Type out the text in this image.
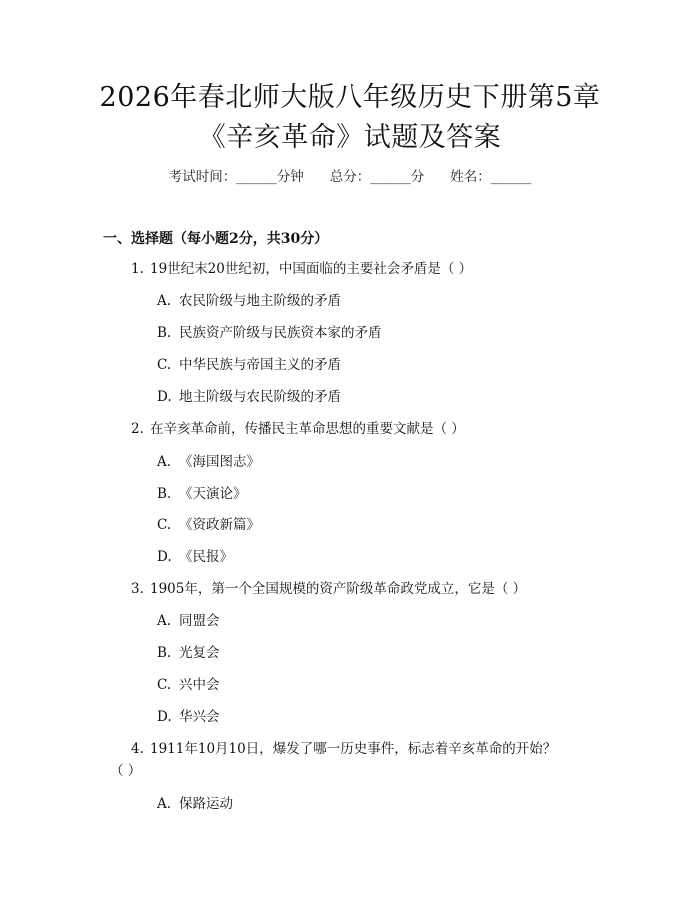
2026年春北师大版八年级历史下册第5章
《辛亥革命》试题及答案
考试时间：______分钟 总分：______分 姓名：______
一、选择题（每小题2分，共30分）
1. 19世纪末20世纪初，中国面临的主要社会矛盾是（ ）
A. 农民阶级与地主阶级的矛盾
B. 民族资产阶级与民族资本家的矛盾
C. 中华民族与帝国主义的矛盾
D. 地主阶级与农民阶级的矛盾
2. 在辛亥革命前，传播民主革命思想的重要文献是（ ）
A. 《海国图志》
B. 《天演论》
C. 《资政新篇》
D. 《民报》
3. 1905年，第一个全国规模的资产阶级革命政党成立，它是（ ）
A. 同盟会
B. 光复会
C. 兴中会
D. 华兴会
4. 1911年10月10日，爆发了哪一历史事件，标志着辛亥革命的开始？
（ ）
A. 保路运动
